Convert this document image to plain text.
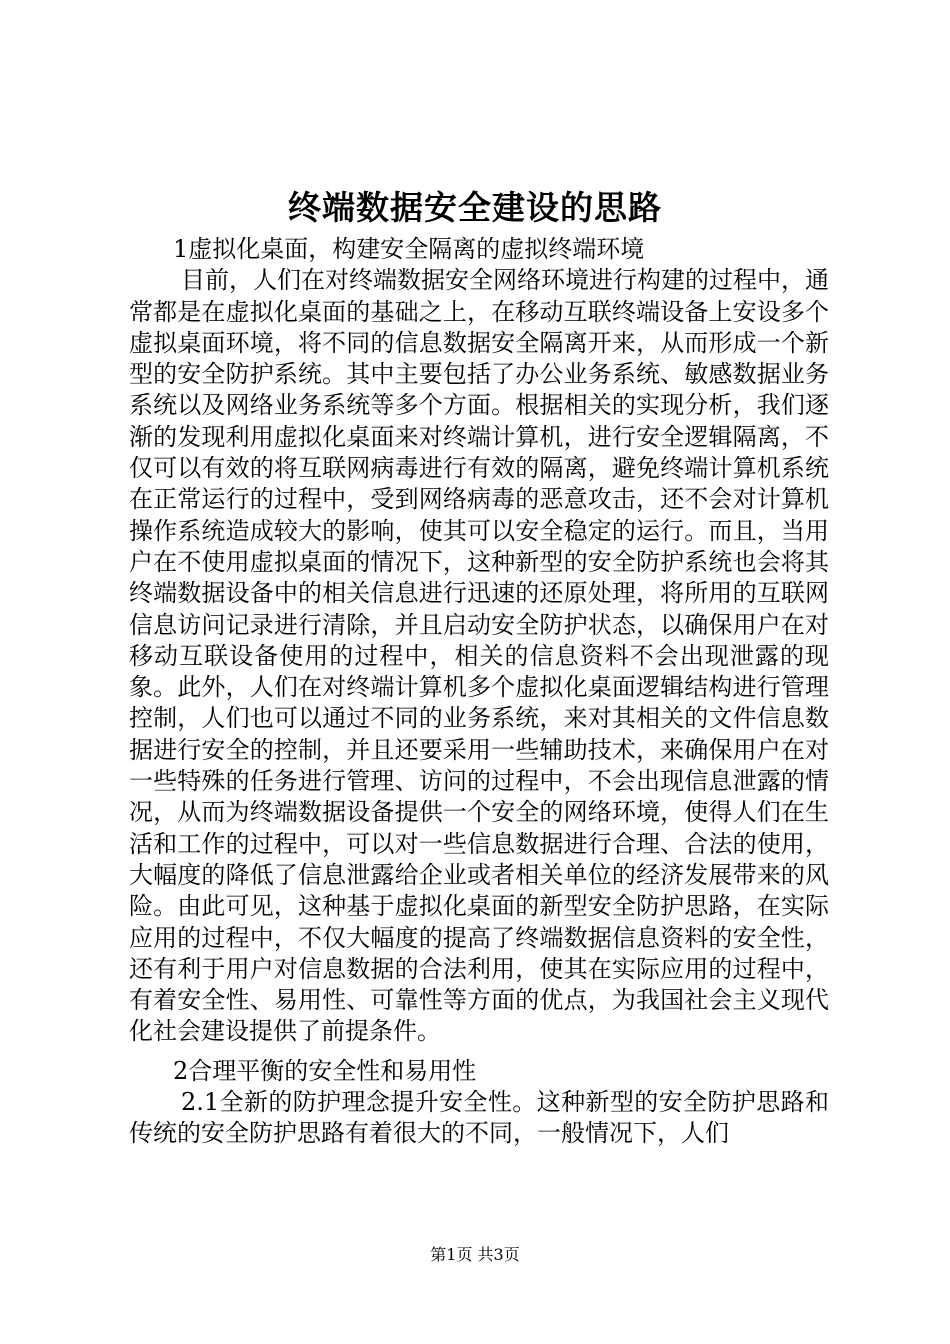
终端数据安全建设的思路

1虚拟化桌面，构建安全隔离的虚拟终端环境

目前，人们在对终端数据安全网络环境进行构建的过程中，通常都是在虚拟化桌面的基础之上，在移动互联终端设备上安设多个虚拟桌面环境，将不同的信息数据安全隔离开来，从而形成一个新型的安全防护系统。其中主要包括了办公业务系统、敏感数据业务系统以及网络业务系统等多个方面。根据相关的实现分析，我们逐渐的发现利用虚拟化桌面来对终端计算机，进行安全逻辑隔离，不仅可以有效的将互联网病毒进行有效的隔离，避免终端计算机系统在正常运行的过程中，受到网络病毒的恶意攻击，还不会对计算机操作系统造成较大的影响，使其可以安全稳定的运行。而且，当用户在不使用虚拟桌面的情况下，这种新型的安全防护系统也会将其终端数据设备中的相关信息进行迅速的还原处理，将所用的互联网信息访问记录进行清除，并且启动安全防护状态，以确保用户在对移动互联设备使用的过程中，相关的信息资料不会出现泄露的现象。此外，人们在对终端计算机多个虚拟化桌面逻辑结构进行管理控制，人们也可以通过不同的业务系统，来对其相关的文件信息数据进行安全的控制，并且还要采用一些辅助技术，来确保用户在对一些特殊的任务进行管理、访问的过程中，不会出现信息泄露的情况，从而为终端数据设备提供一个安全的网络环境，使得人们在生活和工作的过程中，可以对一些信息数据进行合理、合法的使用，大幅度的降低了信息泄露给企业或者相关单位的经济发展带来的风险。由此可见，这种基于虚拟化桌面的新型安全防护思路，在实际应用的过程中，不仅大幅度的提高了终端数据信息资料的安全性，还有利于用户对信息数据的合法利用，使其在实际应用的过程中，有着安全性、易用性、可靠性等方面的优点，为我国社会主义现代化社会建设提供了前提条件。

2合理平衡的安全性和易用性

2.1全新的防护理念提升安全性。这种新型的安全防护思路和传统的安全防护思路有着很大的不同，一般情况下，人们

第1页 共3页
